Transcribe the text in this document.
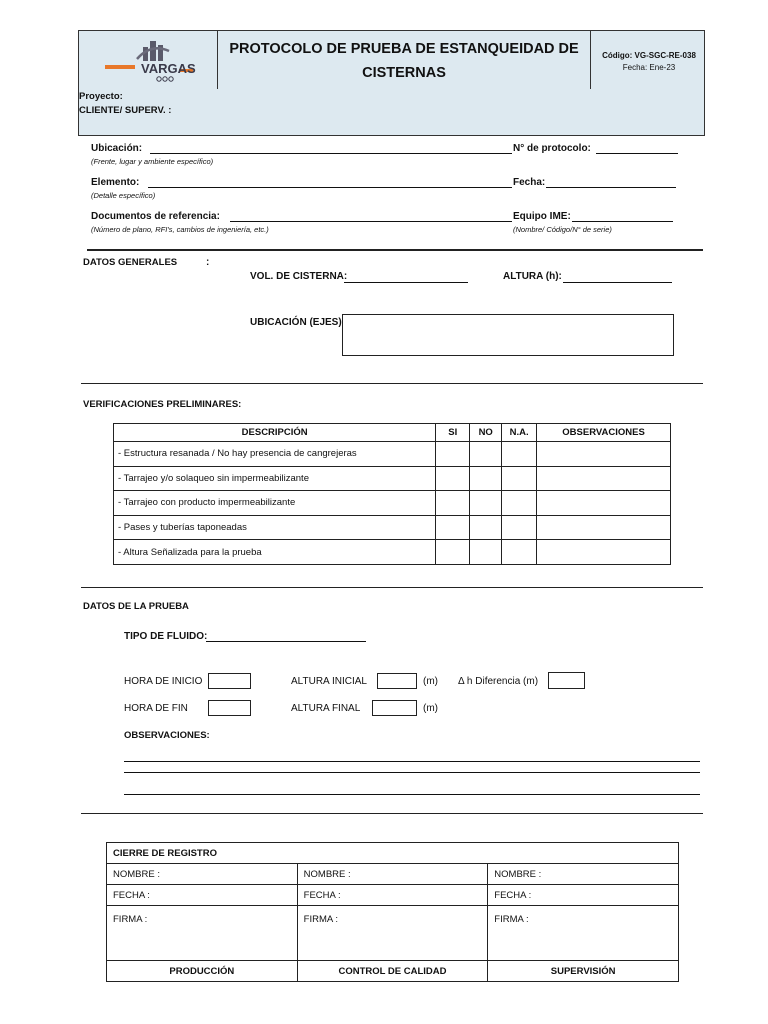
VARGAS
PROTOCOLO DE PRUEBA DE ESTANQUEIDAD DE CISTERNAS
Código: VG-SGC-RE-038
Fecha: Ene-23
Proyecto:
CLIENTE/ SUPERV. :
Ubicación:
(Frente, lugar y ambiente específico)
N° de protocolo:
Elemento:
(Detalle específico)
Fecha:
Documentos de referencia:
(Número de plano, RFI's, cambios de ingeniería, etc.)
Equipo IME:
(Nombre/ Código/N° de serie)
DATOS GENERALES	:
VOL. DE CISTERNA:	ALTURA (h):
UBICACIÓN (EJES)
VERIFICACIONES PRELIMINARES:
DESCRIPCIÓN	SI	NO	N.A.	OBSERVACIONES
- Estructura resanada / No hay presencia de cangrejeras				
- Tarrajeo y/o solaqueo sin impermeabilizante				
- Tarrajeo con producto impermeabilizante				
- Pases y tuberías taponeadas				
- Altura Señalizada para la prueba				
DATOS DE LA PRUEBA
TIPO DE FLUIDO:
HORA DE INICIO	ALTURA INICIAL	(m) Δ h Diferencia (m)
HORA DE FIN	ALTURA FINAL	(m)
OBSERVACIONES:
CIERRE DE REGISTRO		
NOMBRE :	NOMBRE :	NOMBRE :
FECHA :	FECHA :	FECHA :
FIRMA :	FIRMA :	FIRMA :
PRODUCCIÓN	CONTROL DE CALIDAD	SUPERVISIÓN
